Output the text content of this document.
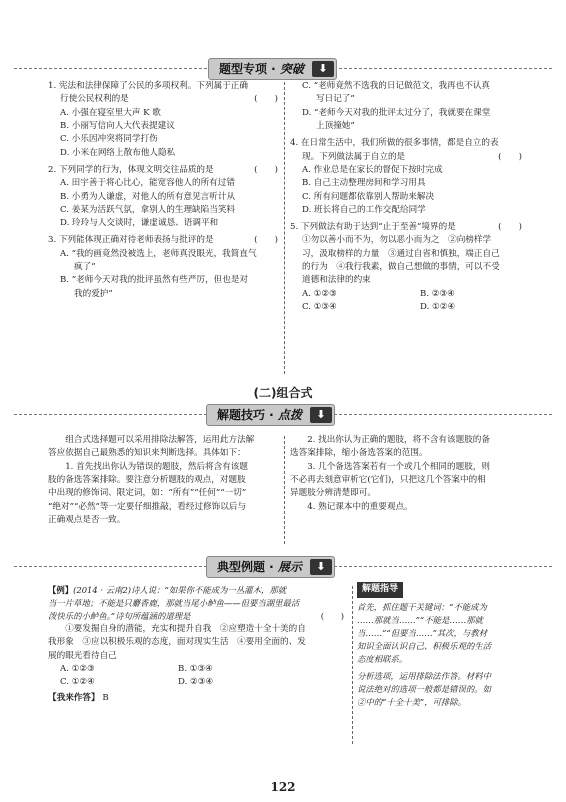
题型专项 · 突破	⬇
1. 宪法和法律保障了公民的多项权利。下列属于正确
行使公民权利的是	(　　)

A. 小强在寝室里大声 K 歌

B. 小丽写信向人大代表提建议

C. 小乐因冲突将同学打伤

D. 小米在网络上散布他人隐私

2. 下列同学的行为，体现文明交往品质的是	(　　)

A. 田宇善于将心比心，能宽容他人的所有过错

B. 小勇为人谦虚，对他人的所有意见言听计从

C. 姜某为活跃气氛，拿别人的生理缺陷当笑料

D. 玲玲与人交谈时，谦虚诚恳、语调平和

3. 下列能体现正确对待老师表扬与批评的是	(　　)

A. “我的画竟然没被选上，老师真没眼光，我简直气

疯了”

B. “老师今天对我的批评虽然有些严厉，但也是对

我的爱护”

C. “老师竟然不选我的日记做范文，我再也不认真

写日记了”

D. “老师今天对我的批评太过分了，我就要在课堂

上顶撞她”

4. 在日常生活中，我们所做的很多事情，都是自立的表
现。下列做法属于自立的是	(　　)

A. 作业总是在家长的督促下按时完成

B. 自己主动整理房间和学习用具

C. 所有问题都依靠别人帮助来解决

D. 班长将自己的工作交配给同学

5. 下列做法有助于达到“止于至善”境界的是	(　　)

①勿以善小而不为，勿以恶小而为之　②向榜样学

习，汲取榜样的力量　③通过自省和慎独，端正自己

的行为　④我行我素，做自己想做的事情，可以不受

道德和法律的约束

A. ①②③	B. ②③④
C. ①③④	D. ①②④
(二)组合式
解题技巧 · 点拨	⬇

组合式选择题可以采用排除法解答，运用此方法解

答应依据自己最熟悉的知识来判断选择。具体如下：

1. 首先找出你认为错误的题肢，然后将含有该题

肢的备选答案排除。要注意分析题肢的观点，对题肢

中出现的修饰词、限定词，如：“所有”“任何”“一切”

“绝对”“必然”等一定要仔细推敲，看经过修饰以后与

正确观点是否一致。

2. 找出你认为正确的题肢，将不含有该题肢的备

选答案排除，缩小备选答案的范围。

3. 几个备选答案若有一个或几个相同的题肢，则

不必再去刻意审析它(它们)，只把这几个答案中的相

异题肢分辨清楚即可。

4. 熟记课本中的重要观点。

典型例题 · 展示	⬇

【例】(2014 · 云南2)诗人说：“如果你不能成为一丛灌木，那就

当一片草地；不能是只麝香鹿，那就当尾小鲈鱼——但要当湖里最活

泼快乐的小鲈鱼。”诗句所蕴涵的道理是	(　　)

①要发掘自身的潜能，充实和提升自我　②应塑造十全十美的自

我形象　③应以积极乐观的态度，面对现实生活　④要用全面的、发

展的眼光看待自己

A. ①②③	B. ①③④
C. ①②④	D. ②③④

【我来作答】 B

解题指导

首先，抓住题干关键词：“不能成为

……那就当……”“不能是……那就

当……”“但要当……”其次，与教材

知识全面认识自己、积极乐观的生活

态度相联系。

分析选项，运用排除法作答。材料中

说法绝对的选项一般都是错误的。如

②中的“十全十美”，可排除。

122
